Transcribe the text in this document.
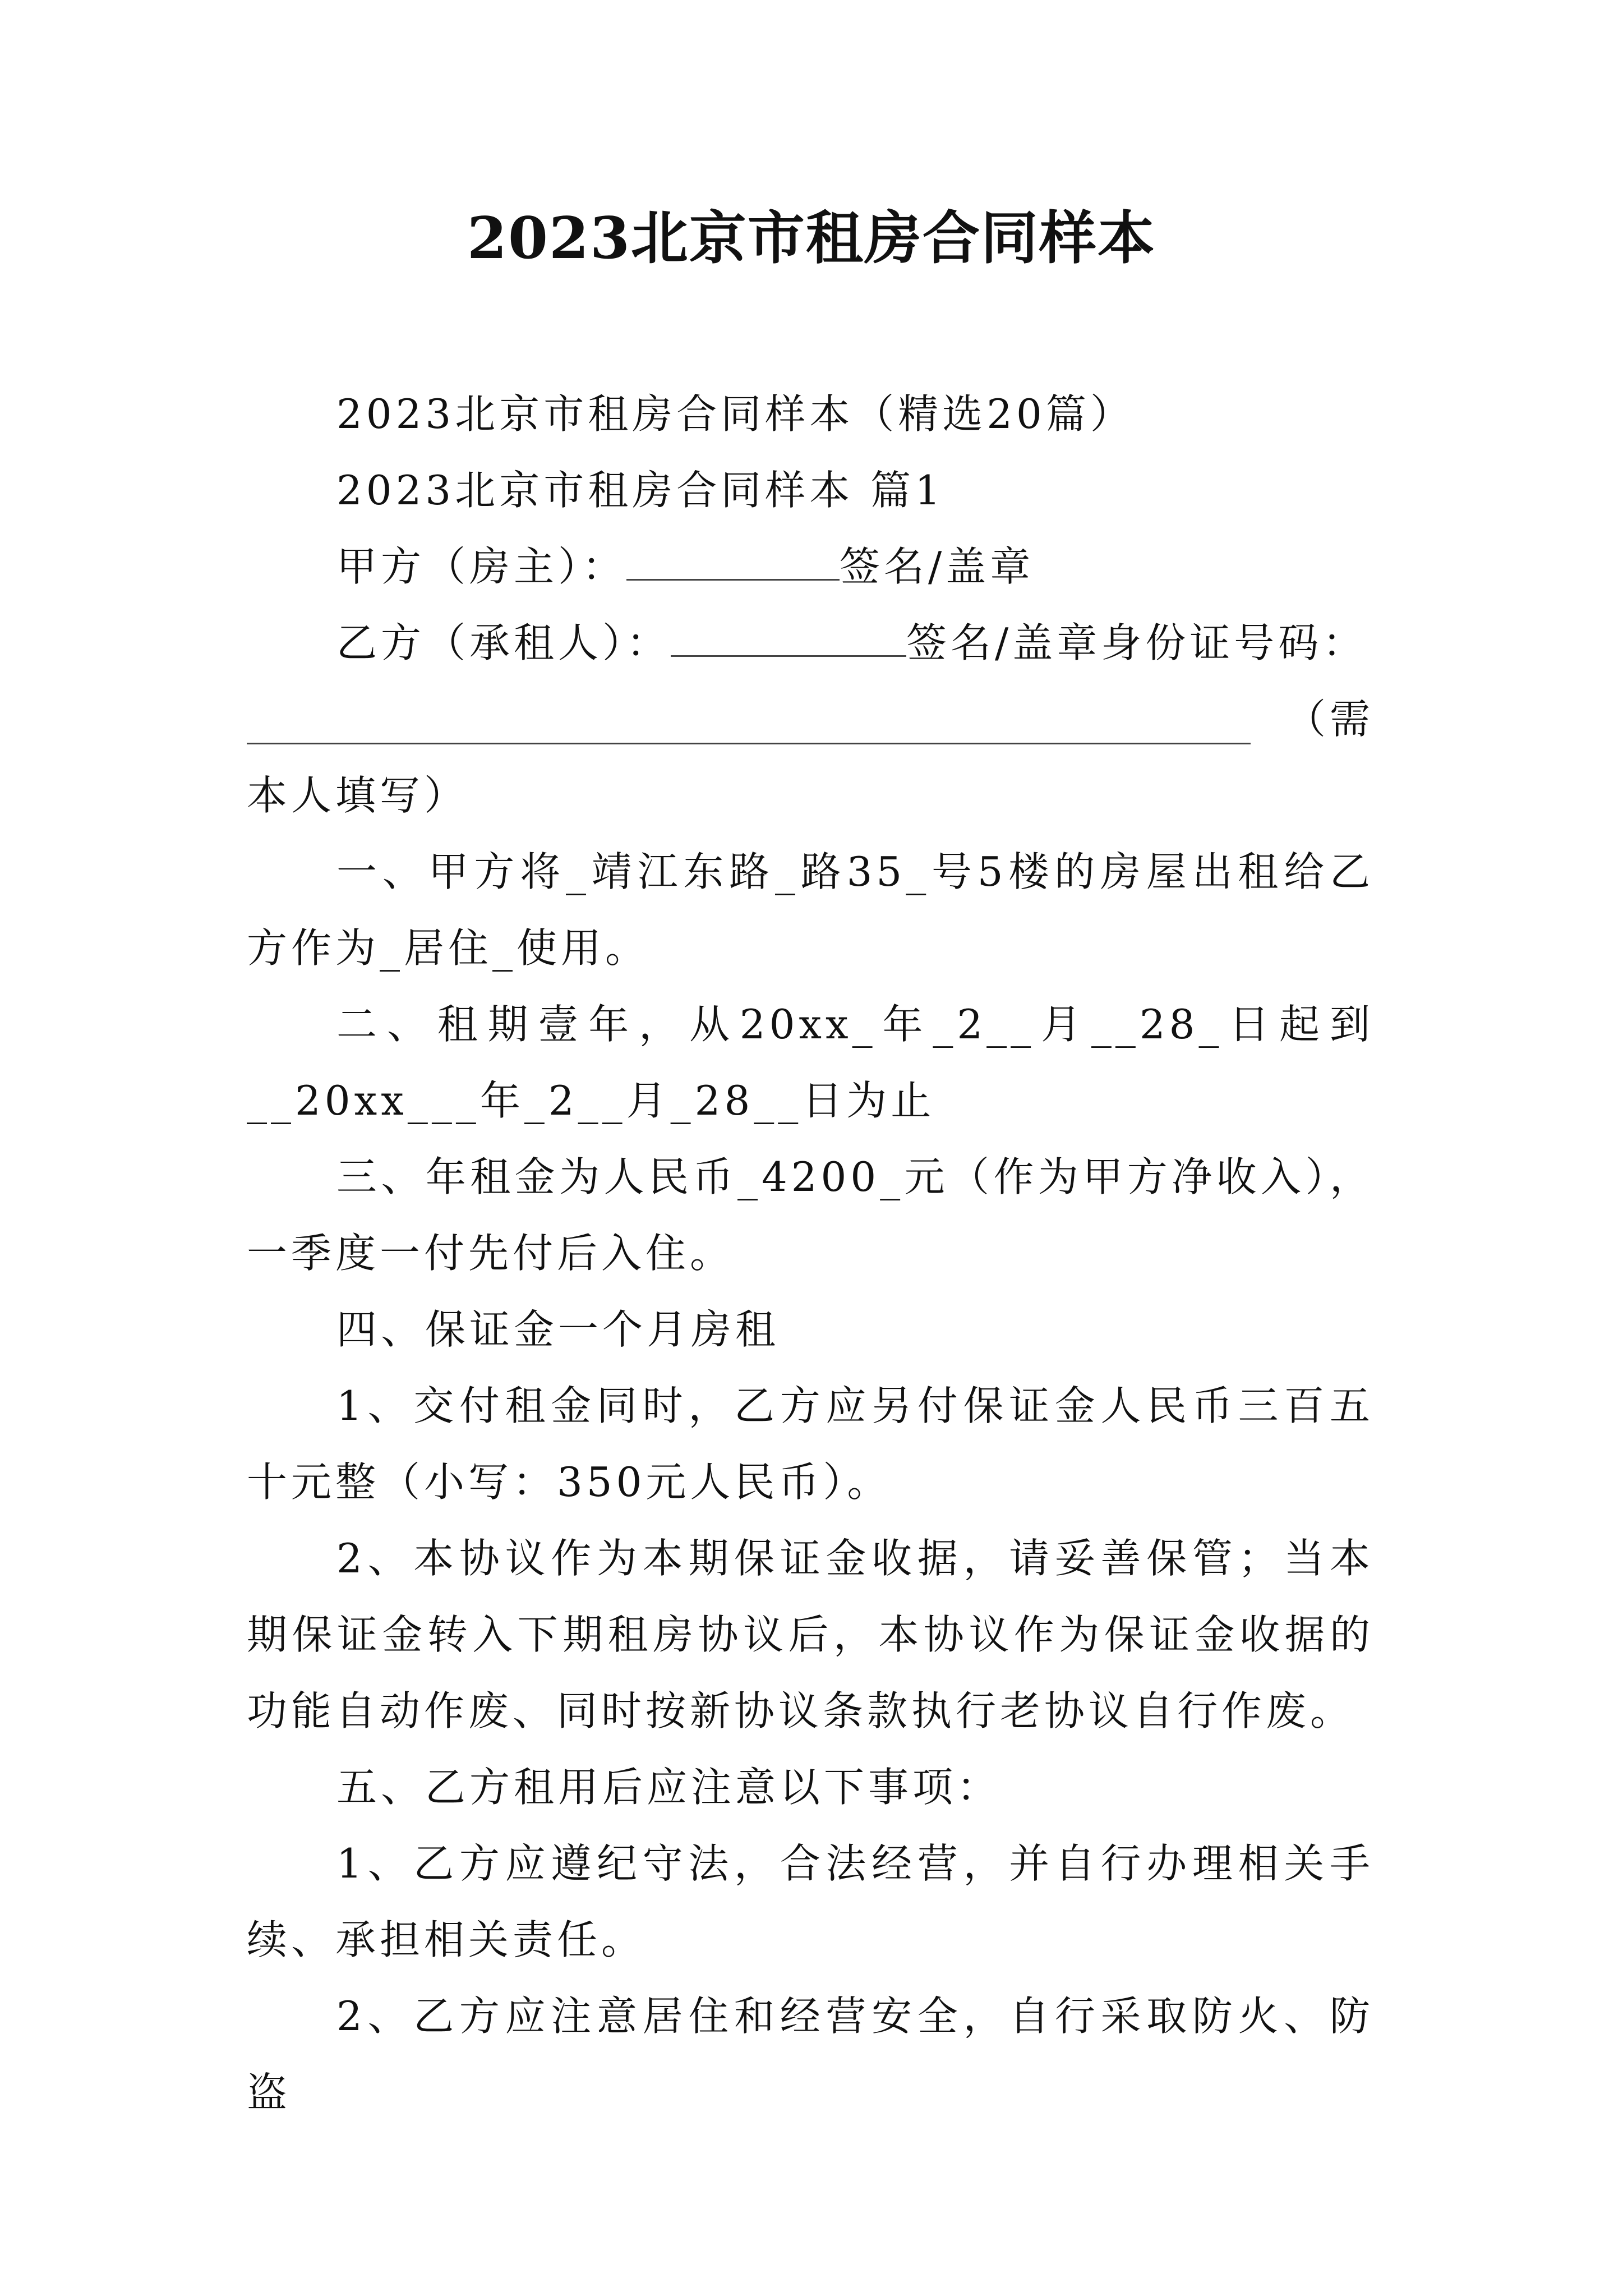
2023北京市租房合同样本

2023北京市租房合同样本（精选20篇）

2023北京市租房合同样本 篇1

甲方（房主）：	签名/盖章

乙方（承租人）：	签名/盖章身份证号码：

（需

本人填写）

一、甲方将_靖江东路_路35_号5楼的房屋出租给乙方作为_居住_使用。

二、租期壹年，从20xx_年_2__月__28_日起到__20xx___年_2__月_28__日为止

三、年租金为人民币_4200_元（作为甲方净收入），一季度一付先付后入住。

四、保证金一个月房租

1、交付租金同时，乙方应另付保证金人民币三百五十元整（小写：350元人民币）。

2、本协议作为本期保证金收据，请妥善保管；当本期保证金转入下期租房协议后，本协议作为保证金收据的功能自动作废、同时按新协议条款执行老协议自行作废。

五、乙方租用后应注意以下事项：

1、乙方应遵纪守法，合法经营，并自行办理相关手续、承担相关责任。

2、乙方应注意居住和经营安全，自行采取防火、防盗
